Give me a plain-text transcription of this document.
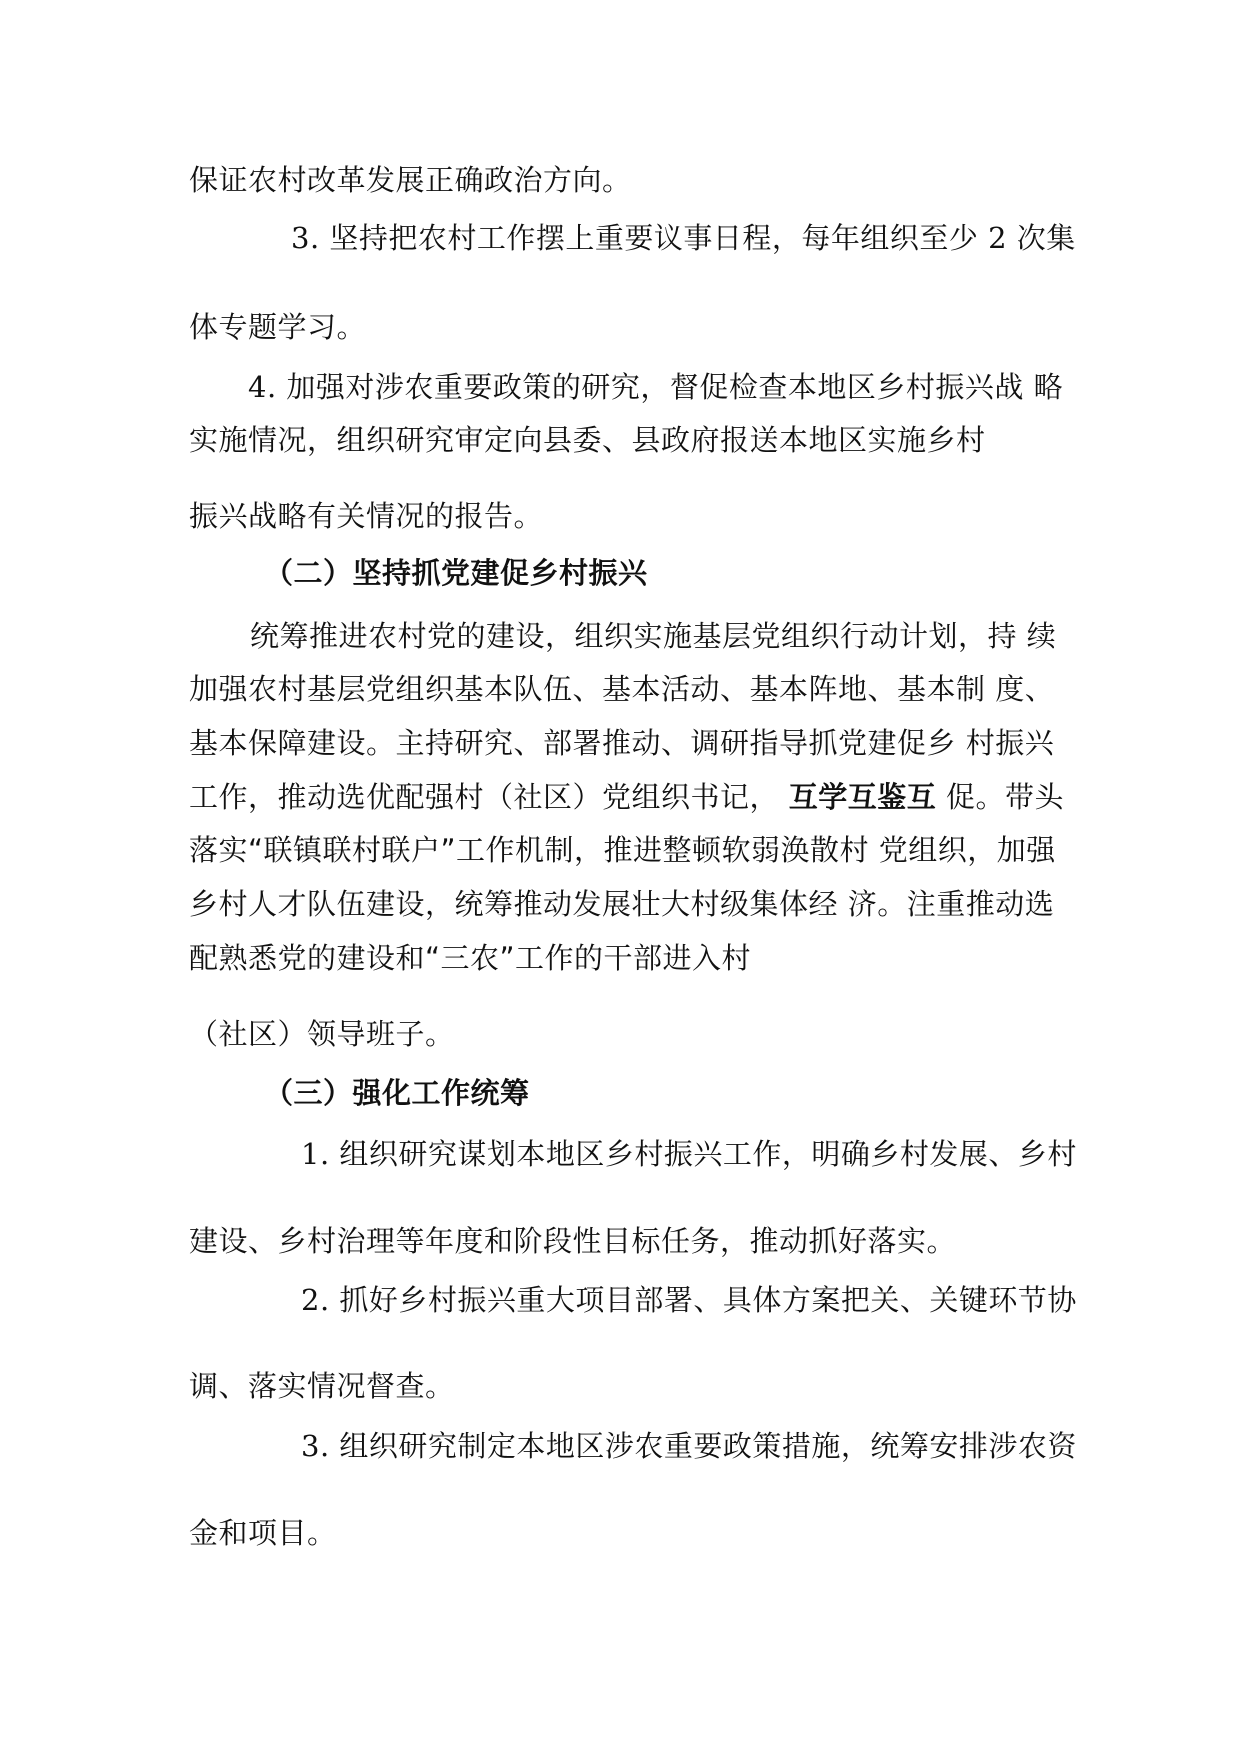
保证农村改革发展正确政治方向。
3. 坚持把农村工作摆上重要议事日程，每年组织至少 2 次集
体专题学习。
4. 加强对涉农重要政策的研究，督促检查本地区乡村振兴战 略
实施情况，组织研究审定向县委、县政府报送本地区实施乡村
振兴战略有关情况的报告。
（二）坚持抓党建促乡村振兴
统筹推进农村党的建设，组织实施基层党组织行动计划，持 续
加强农村基层党组织基本队伍、基本活动、基本阵地、基本制 度、
基本保障建设。主持研究、部署推动、调研指导抓党建促乡 村振兴
工作，推动选优配强村（社区）党组织书记， 互学互鉴互 促。带头
落实“联镇联村联户”工作机制，推进整顿软弱涣散村 党组织，加强
乡村人才队伍建设，统筹推动发展壮大村级集体经 济。注重推动选
配熟悉党的建设和“三农”工作的干部进入村
（社区）领导班子。
（三）强化工作统筹
1. 组织研究谋划本地区乡村振兴工作，明确乡村发展、乡村
建设、乡村治理等年度和阶段性目标任务，推动抓好落实。
2. 抓好乡村振兴重大项目部署、具体方案把关、关键环节协
调、落实情况督查。
3. 组织研究制定本地区涉农重要政策措施，统筹安排涉农资
金和项目。
